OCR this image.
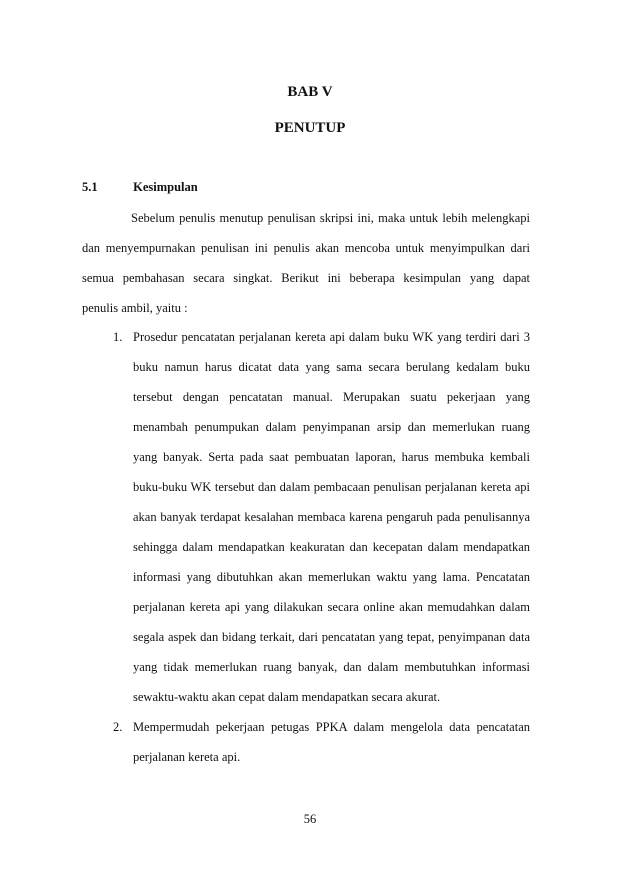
BAB V
PENUTUP
5.1	Kesimpulan

Sebelum penulis menutup penulisan skripsi ini, maka untuk lebih melengkapi

dan menyempurnakan penulisan ini penulis akan mencoba untuk menyimpulkan dari

semua pembahasan secara singkat. Berikut ini beberapa kesimpulan yang dapat

penulis ambil, yaitu :

1. Prosedur pencatatan perjalanan kereta api dalam buku WK yang terdiri dari 3

buku namun harus dicatat data yang sama secara berulang kedalam buku

tersebut dengan pencatatan manual. Merupakan suatu pekerjaan yang

menambah penumpukan dalam penyimpanan arsip dan memerlukan ruang

yang banyak. Serta pada saat pembuatan laporan, harus membuka kembali

buku-buku WK tersebut dan dalam pembacaan penulisan perjalanan kereta api

akan banyak terdapat kesalahan membaca karena pengaruh pada penulisannya

sehingga dalam mendapatkan keakuratan dan kecepatan dalam mendapatkan

informasi yang dibutuhkan akan memerlukan waktu yang lama. Pencatatan

perjalanan kereta api yang dilakukan secara online akan memudahkan dalam

segala aspek dan bidang terkait, dari pencatatan yang tepat, penyimpanan data

yang tidak memerlukan ruang banyak, dan dalam membutuhkan informasi

sewaktu-waktu akan cepat dalam mendapatkan secara akurat.

2. Mempermudah pekerjaan petugas PPKA dalam mengelola data pencatatan

perjalanan kereta api.

56
